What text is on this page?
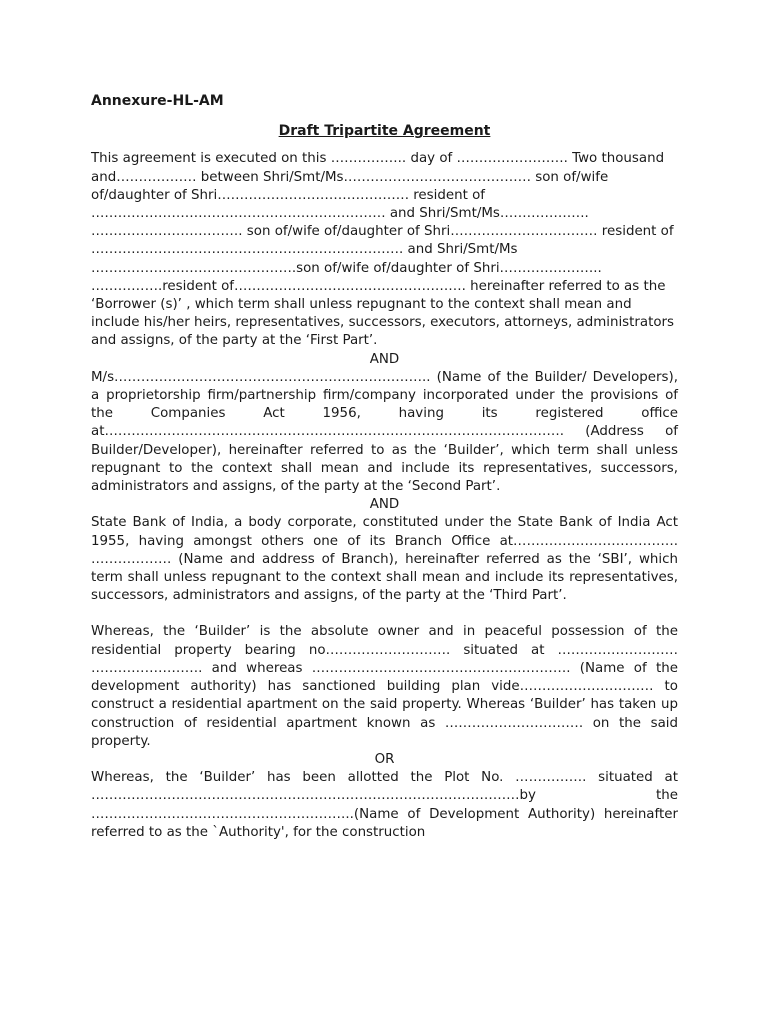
Annexure-HL-AM

Draft Tripartite Agreement

This agreement is executed on this …………….. day of ……………………. Two thousand and……………… between Shri/Smt/Ms…………………………………… son of/wife of/daughter of Shri……………………………………. resident of ………………………………………………………… and Shri/Smt/Ms……………….. ……………………………. son of/wife of/daughter of Shri…………………………… resident of ……………………………………………………………. and Shri/Smt/Ms ……………………………………….son of/wife of/daughter of Shri………………….. …………….resident of……………………………………………. hereinafter referred to as the ‘Borrower (s)’ , which term shall unless repugnant to the context shall mean and include his/her heirs, representatives, successors, executors, attorneys, administrators and assigns, of the party at the ‘First Part’.

AND

M/s…………………………………………………………….. (Name of the Builder/ Developers), a proprietorship firm/partnership firm/company incorporated under the provisions of the Companies Act 1956, having its registered office at…………………………………………………………………………………………. (Address of Builder/Developer), hereinafter referred to as the ‘Builder’, which term shall unless repugnant to the context shall mean and include its representatives, successors, administrators and assigns, of the party at the ‘Second Part’.

AND

State Bank of India, a body corporate, constituted under the State Bank of India Act 1955, having amongst others one of its Branch Office at………………………………. ……………… (Name and address of Branch), hereinafter referred as the ‘SBI’, which term shall unless repugnant to the context shall mean and include its representatives, successors, administrators and assigns, of the party at the ‘Third Part’.

Whereas, the ‘Builder’ is the absolute owner and in peaceful possession of the residential property bearing no………………………. situated at ……………………… ……………………. and whereas …………………………………………………. (Name of the development authority) has sanctioned building plan vide………………………… to construct a residential apartment on the said property. Whereas ‘Builder’ has taken up construction of residential apartment known as …………………………. on the said property.

OR

Whereas, the ‘Builder’ has been allotted the Plot No. ……………. situated at ……………………………………………………………………………………by the …………………………………………………..(Name of Development Authority) hereinafter referred to as the `Authority', for the construction
